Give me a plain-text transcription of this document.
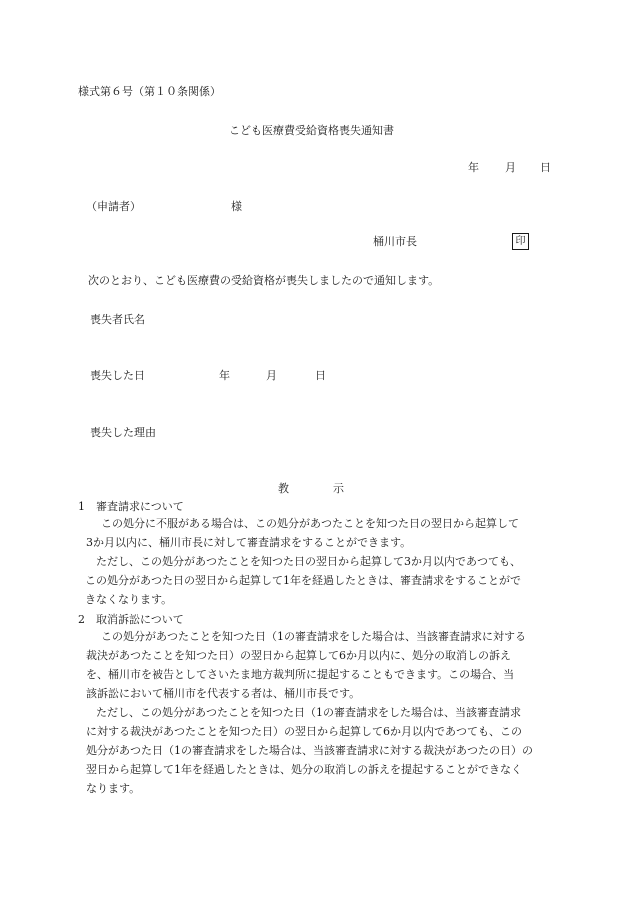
様式第６号（第１０条関係）
こども医療費受給資格喪失通知書
年 月 日
（申請者）	様
桶川市長	印
次のとおり、こども医療費の受給資格が喪失しましたので通知します。
喪失者氏名
喪失した日	年	月	日
喪失した理由
教　　　　示
1　審査請求について
この処分に不服がある場合は、この処分があつたことを知つた日の翌日から起算して
3か月以内に、桶川市長に対して審査請求をすることができます。
ただし、この処分があつたことを知つた日の翌日から起算して3か月以内であつても、
この処分があつた日の翌日から起算して1年を経過したときは、審査請求をすることがで
きなくなります。
2　取消訴訟について
この処分があつたことを知つた日（1の審査請求をした場合は、当該審査請求に対する
裁決があつたことを知つた日）の翌日から起算して6か月以内に、処分の取消しの訴え
を、桶川市を被告としてさいたま地方裁判所に提起することもできます。この場合、当
該訴訟において桶川市を代表する者は、桶川市長です。
ただし、この処分があつたことを知つた日（1の審査請求をした場合は、当該審査請求
に対する裁決があつたことを知つた日）の翌日から起算して6か月以内であつても、この
処分があつた日（1の審査請求をした場合は、当該審査請求に対する裁決があつたの日）の
翌日から起算して1年を経過したときは、処分の取消しの訴えを提起することができなく
なります。
